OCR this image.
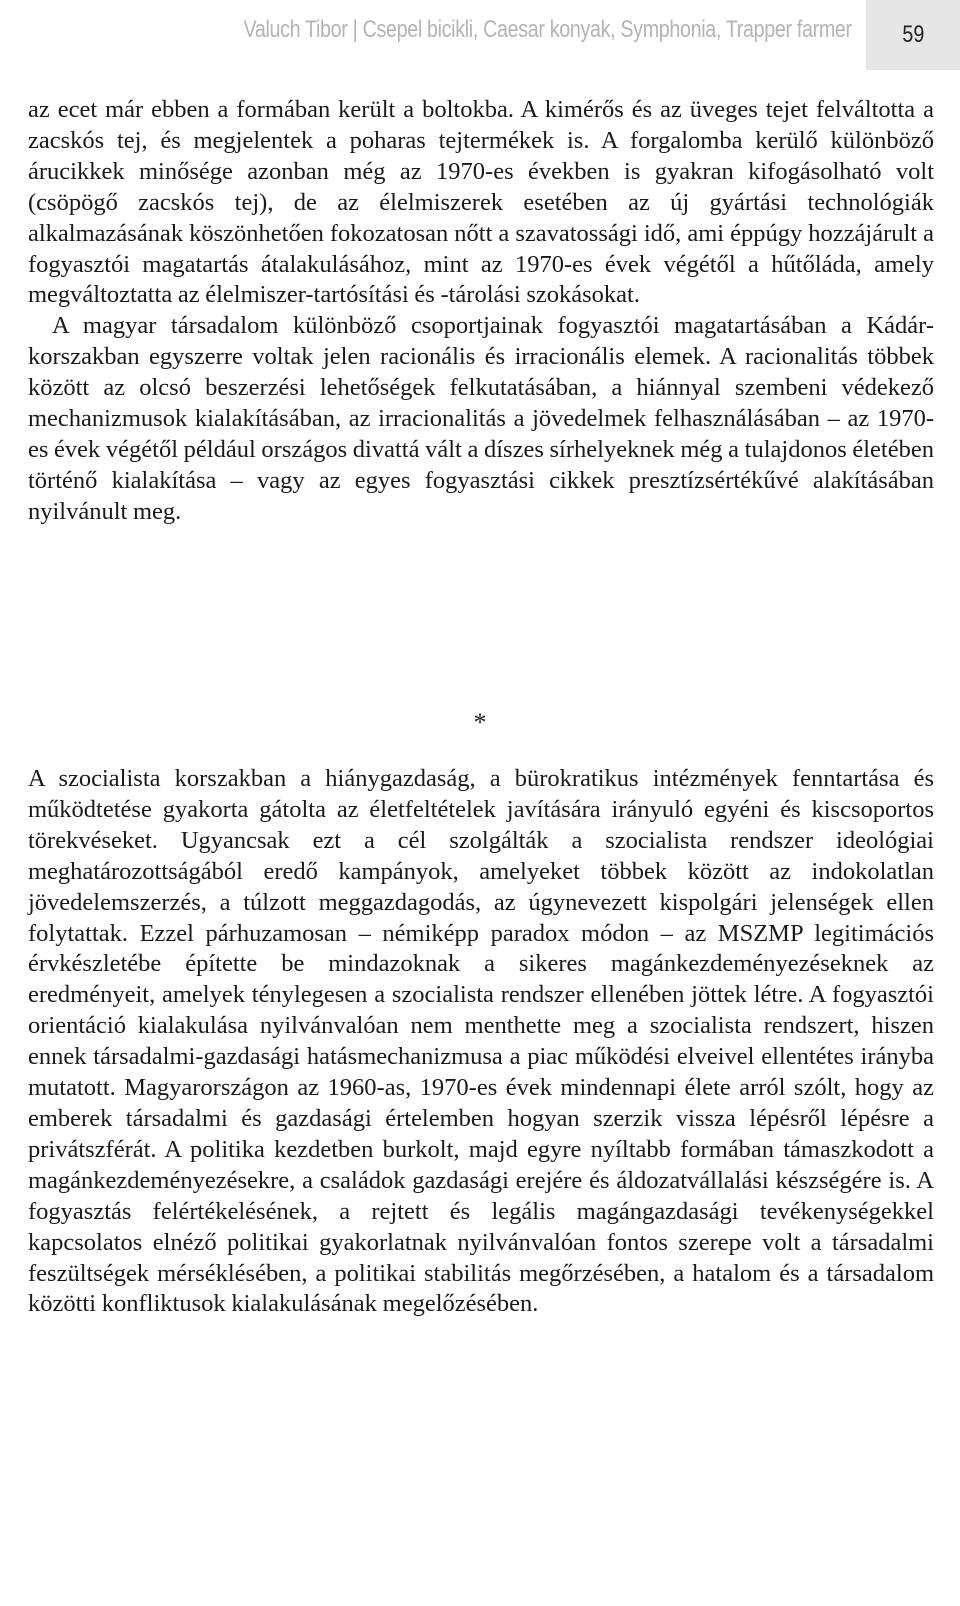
Valuch Tibor | Csepel bicikli, Caesar konyak, Symphonia, Trapper farmer 59

az ecet már ebben a formában került a boltokba. A kimérős és az üveges tejet felváltotta a zacskós tej, és megjelentek a poharas tejtermékek is. A forgalomba kerülő különböző árucikkek minősége azonban még az 1970-es években is gyakran kifogásolható volt (csöpögő zacskós tej), de az élelmiszerek esetében az új gyártási technológiák alkalmazásának köszönhetően fokozatosan nőtt a szavatossági idő, ami éppúgy hozzájárult a fogyasztói magatartás átalakulásához, mint az 1970-es évek végétől a hűtőláda, amely megváltoztatta az élelmiszer-tartósítási és -tárolási szokásokat.

A magyar társadalom különböző csoportjainak fogyasztói magatartásában a Kádár-korszakban egyszerre voltak jelen racionális és irracionális elemek. A racionalitás többek között az olcsó beszerzési lehetőségek felkutatásában, a hiánnyal szembeni védekező mechanizmusok kialakításában, az irracionalitás a jövedelmek felhasználásában – az 1970-es évek végétől például országos divattá vált a díszes sírhelyeknek még a tulajdonos életében történő kialakítása – vagy az egyes fogyasztási cikkek presztízsértékűvé alakításában nyilvánult meg.

*

A szocialista korszakban a hiánygazdaság, a bürokratikus intézmények fenntartása és működtetése gyakorta gátolta az életfeltételek javítására irányuló egyéni és kiscsoportos törekvéseket. Ugyancsak ezt a cél szolgálták a szocialista rendszer ideológiai meghatározottságából eredő kampányok, amelyeket többek között az indokolatlan jövedelemszerzés, a túlzott meggazdagodás, az úgynevezett kispolgári jelenségek ellen folytattak. Ezzel párhuzamosan – némiképp paradox módon – az MSZMP legitimációs érvkészletébe építette be mindazoknak a sikeres magánkezdeményezéseknek az eredményeit, amelyek ténylegesen a szocialista rendszer ellenében jöttek létre. A fogyasztói orientáció kialakulása nyilvánvalóan nem menthette meg a szocialista rendszert, hiszen ennek társadalmi-gazdasági hatásmechanizmusa a piac működési elveivel ellentétes irányba mutatott. Magyarországon az 1960-as, 1970-es évek mindennapi élete arról szólt, hogy az emberek társadalmi és gazdasági értelemben hogyan szerzik vissza lépésről lépésre a privátszférát. A politika kezdetben burkolt, majd egyre nyíltabb formában támaszkodott a magánkezdeményezésekre, a családok gazdasági erejére és áldozatvállalási készségére is. A fogyasztás felértékelésének, a rejtett és legális magángazdasági tevékenységekkel kapcsolatos elnéző politikai gyakorlatnak nyilvánvalóan fontos szerepe volt a társadalmi feszültségek mérséklésében, a politikai stabilitás megőrzésében, a hatalom és a társadalom közötti konfliktusok kialakulásának megelőzésében.
